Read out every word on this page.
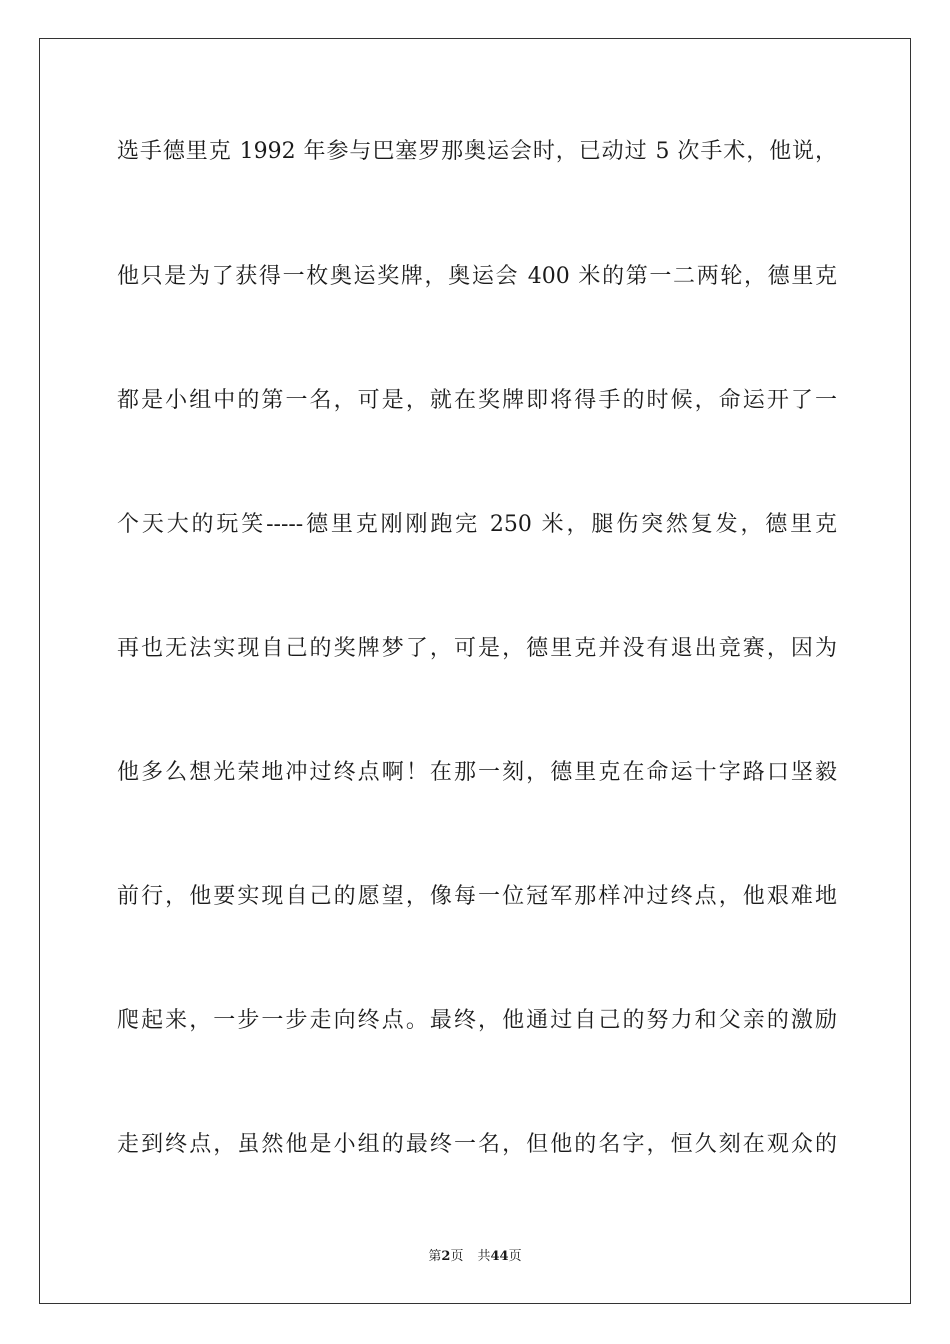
选手德里克 1992 年参与巴塞罗那奥运会时，已动过 5 次手术，他说，
他只是为了获得一枚奥运奖牌，奥运会 400 米的第一二两轮，德里克
都是小组中的第一名，可是，就在奖牌即将得手的时候，命运开了一
个天大的玩笑-----德里克刚刚跑完 250 米，腿伤突然复发，德里克
再也无法实现自己的奖牌梦了，可是，德里克并没有退出竞赛，因为
他多么想光荣地冲过终点啊！在那一刻，德里克在命运十字路口坚毅
前行，他要实现自己的愿望，像每一位冠军那样冲过终点，他艰难地
爬起来，一步一步走向终点。最终，他通过自己的努力和父亲的激励
走到终点，虽然他是小组的最终一名，但他的名字，恒久刻在观众的
第2页 共44页
